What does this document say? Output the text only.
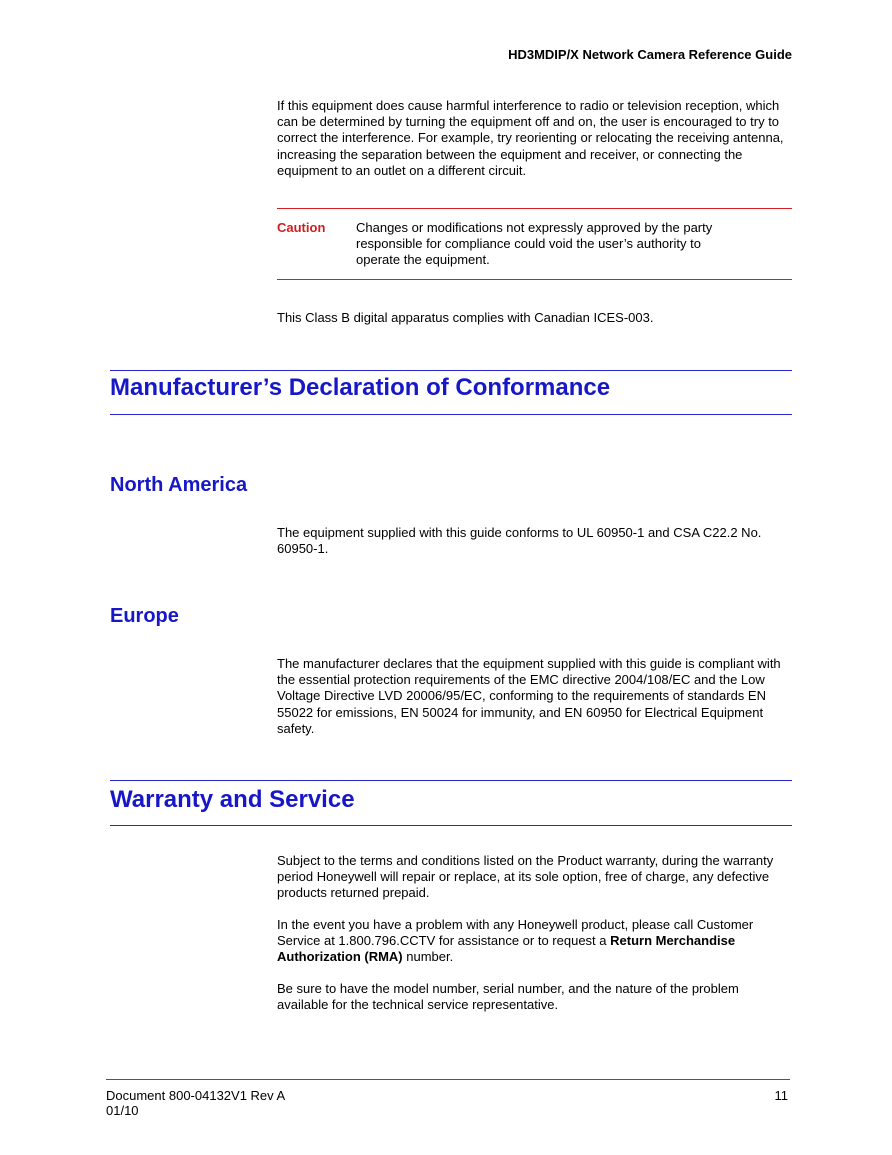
HD3MDIP/X Network Camera Reference Guide

If this equipment does cause harmful interference to radio or television reception, which can be determined by turning the equipment off and on, the user is encouraged to try to correct the interference. For example, try reorienting or relocating the receiving antenna, increasing the separation between the equipment and receiver, or connecting the equipment to an outlet on a different circuit.

Caution Changes or modifications not expressly approved by the party responsible for compliance could void the user’s authority to operate the equipment.

This Class B digital apparatus complies with Canadian ICES-003.

Manufacturer’s Declaration of Conformance
North America

The equipment supplied with this guide conforms to UL 60950-1 and CSA C22.2 No. 60950-1.

Europe

The manufacturer declares that the equipment supplied with this guide is compliant with the essential protection requirements of the EMC directive 2004/108/EC and the Low Voltage Directive LVD 20006/95/EC, conforming to the requirements of standards EN 55022 for emissions, EN 50024 for immunity, and EN 60950 for Electrical Equipment safety.

Warranty and Service

Subject to the terms and conditions listed on the Product warranty, during the warranty period Honeywell will repair or replace, at its sole option, free of charge, any defective products returned prepaid.

In the event you have a problem with any Honeywell product, please call Customer Service at 1.800.796.CCTV for assistance or to request a Return Merchandise Authorization (RMA) number.

Be sure to have the model number, serial number, and the nature of the problem available for the technical service representative.

Document 800-04132V1 Rev A

01/10

11
